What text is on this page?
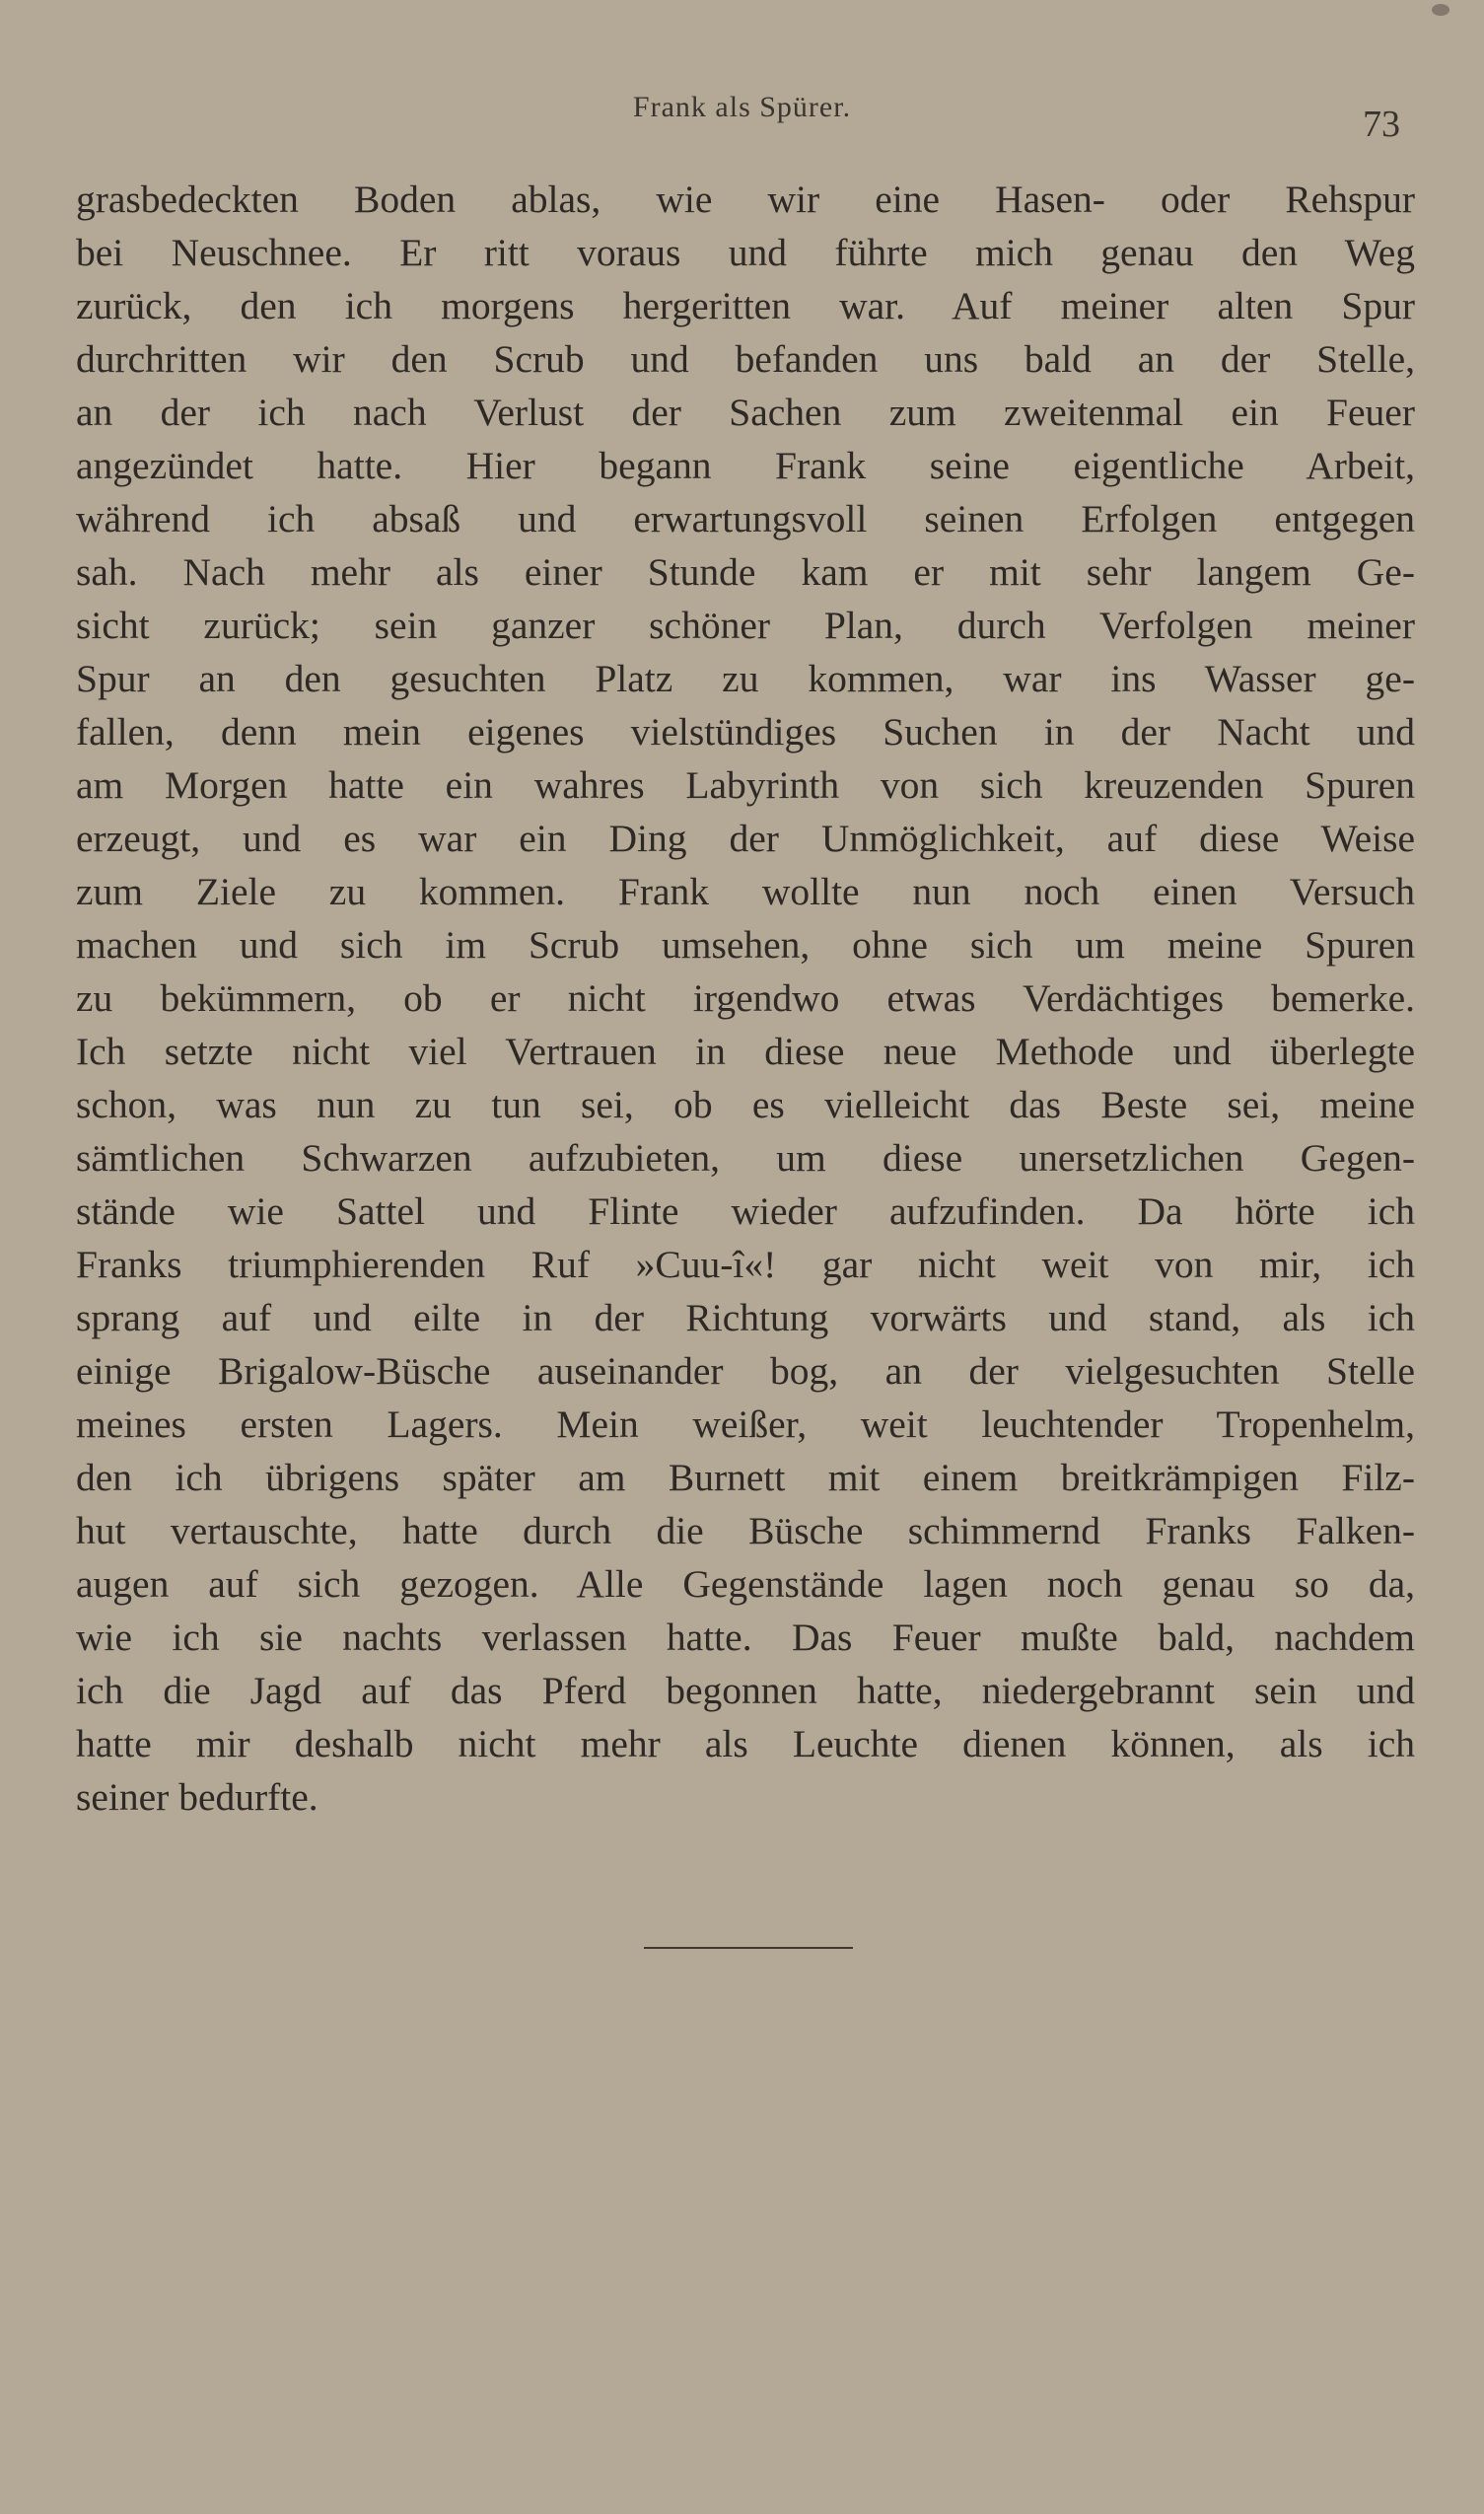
Frank als Spürer.	73
grasbedeckten Boden ablas, wie wir eine Hasen- oder Rehspur
bei Neuschnee. Er ritt voraus und führte mich genau den Weg
zurück, den ich morgens hergeritten war. Auf meiner alten Spur
durchritten wir den Scrub und befanden uns bald an der Stelle,
an der ich nach Verlust der Sachen zum zweitenmal ein Feuer
angezündet hatte. Hier begann Frank seine eigentliche Arbeit,
während ich absaß und erwartungsvoll seinen Erfolgen entgegen
sah. Nach mehr als einer Stunde kam er mit sehr langem Ge-
sicht zurück; sein ganzer schöner Plan, durch Verfolgen meiner
Spur an den gesuchten Platz zu kommen, war ins Wasser ge-
fallen, denn mein eigenes vielstündiges Suchen in der Nacht und
am Morgen hatte ein wahres Labyrinth von sich kreuzenden Spuren
erzeugt, und es war ein Ding der Unmöglichkeit, auf diese Weise
zum Ziele zu kommen. Frank wollte nun noch einen Versuch
machen und sich im Scrub umsehen, ohne sich um meine Spuren
zu bekümmern, ob er nicht irgendwo etwas Verdächtiges bemerke.
Ich setzte nicht viel Vertrauen in diese neue Methode und überlegte
schon, was nun zu tun sei, ob es vielleicht das Beste sei, meine
sämtlichen Schwarzen aufzubieten, um diese unersetzlichen Gegen-
stände wie Sattel und Flinte wieder aufzufinden. Da hörte ich
Franks triumphierenden Ruf »Cuu-î«! gar nicht weit von mir, ich
sprang auf und eilte in der Richtung vorwärts und stand, als ich
einige Brigalow-Büsche auseinander bog, an der vielgesuchten Stelle
meines ersten Lagers. Mein weißer, weit leuchtender Tropenhelm,
den ich übrigens später am Burnett mit einem breitkrämpigen Filz-
hut vertauschte, hatte durch die Büsche schimmernd Franks Falken-
augen auf sich gezogen. Alle Gegenstände lagen noch genau so da,
wie ich sie nachts verlassen hatte. Das Feuer mußte bald, nachdem
ich die Jagd auf das Pferd begonnen hatte, niedergebrannt sein und
hatte mir deshalb nicht mehr als Leuchte dienen können, als ich
seiner bedurfte.
